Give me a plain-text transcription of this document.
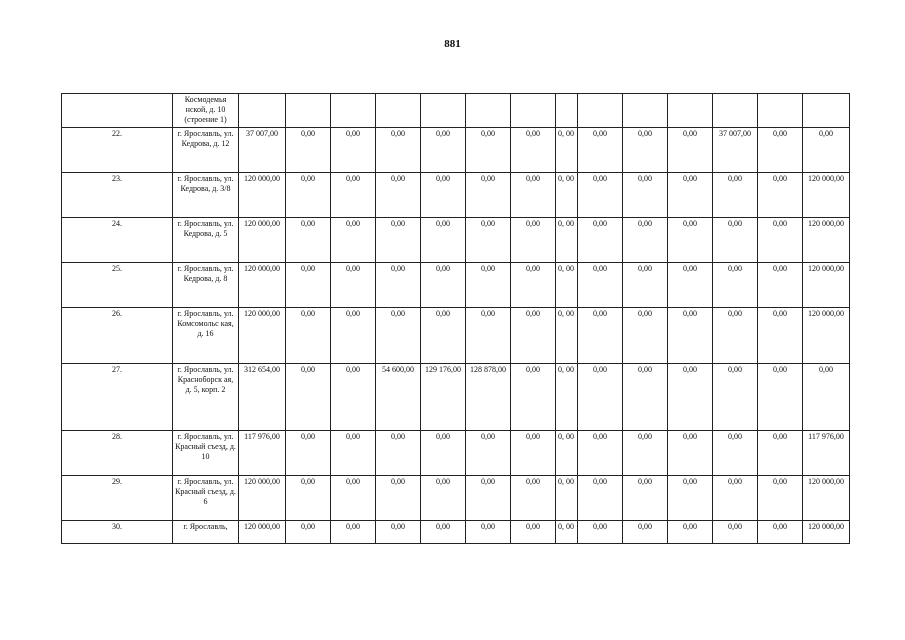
881
	Космодемья нской, д. 10 (строение 1)														
22.	г. Ярославль, ул. Кедрова, д. 12	37 007,00	0,00	0,00	0,00	0,00	0,00	0,00	0, 00	0,00	0,00	0,00	37 007,00	0,00	0,00
23.	г. Ярославль, ул. Кедрова, д. 3/8	120 000,00	0,00	0,00	0,00	0,00	0,00	0,00	0, 00	0,00	0,00	0,00	0,00	0,00	120 000,00
24.	г. Ярославль, ул. Кедрова, д. 5	120 000,00	0,00	0,00	0,00	0,00	0,00	0,00	0, 00	0,00	0,00	0,00	0,00	0,00	120 000,00
25.	г. Ярославль, ул. Кедрова, д. 8	120 000,00	0,00	0,00	0,00	0,00	0,00	0,00	0, 00	0,00	0,00	0,00	0,00	0,00	120 000,00
26.	г. Ярославль, ул. Комсомольс кая, д. 16	120 000,00	0,00	0,00	0,00	0,00	0,00	0,00	0, 00	0,00	0,00	0,00	0,00	0,00	120 000,00
27.	г. Ярославль, ул. Красноборск ая, д. 5, корп. 2	312 654,00	0,00	0,00	54 600,00	129 176,00	128 878,00	0,00	0, 00	0,00	0,00	0,00	0,00	0,00	0,00
28.	г. Ярославль, ул. Красный съезд, д. 10	117 976,00	0,00	0,00	0,00	0,00	0,00	0,00	0, 00	0,00	0,00	0,00	0,00	0,00	117 976,00
29.	г. Ярославль, ул. Красный съезд, д. 6	120 000,00	0,00	0,00	0,00	0,00	0,00	0,00	0, 00	0,00	0,00	0,00	0,00	0,00	120 000,00
30.	г. Ярославль,	120 000,00	0,00	0,00	0,00	0,00	0,00	0,00	0, 00	0,00	0,00	0,00	0,00	0,00	120 000,00
